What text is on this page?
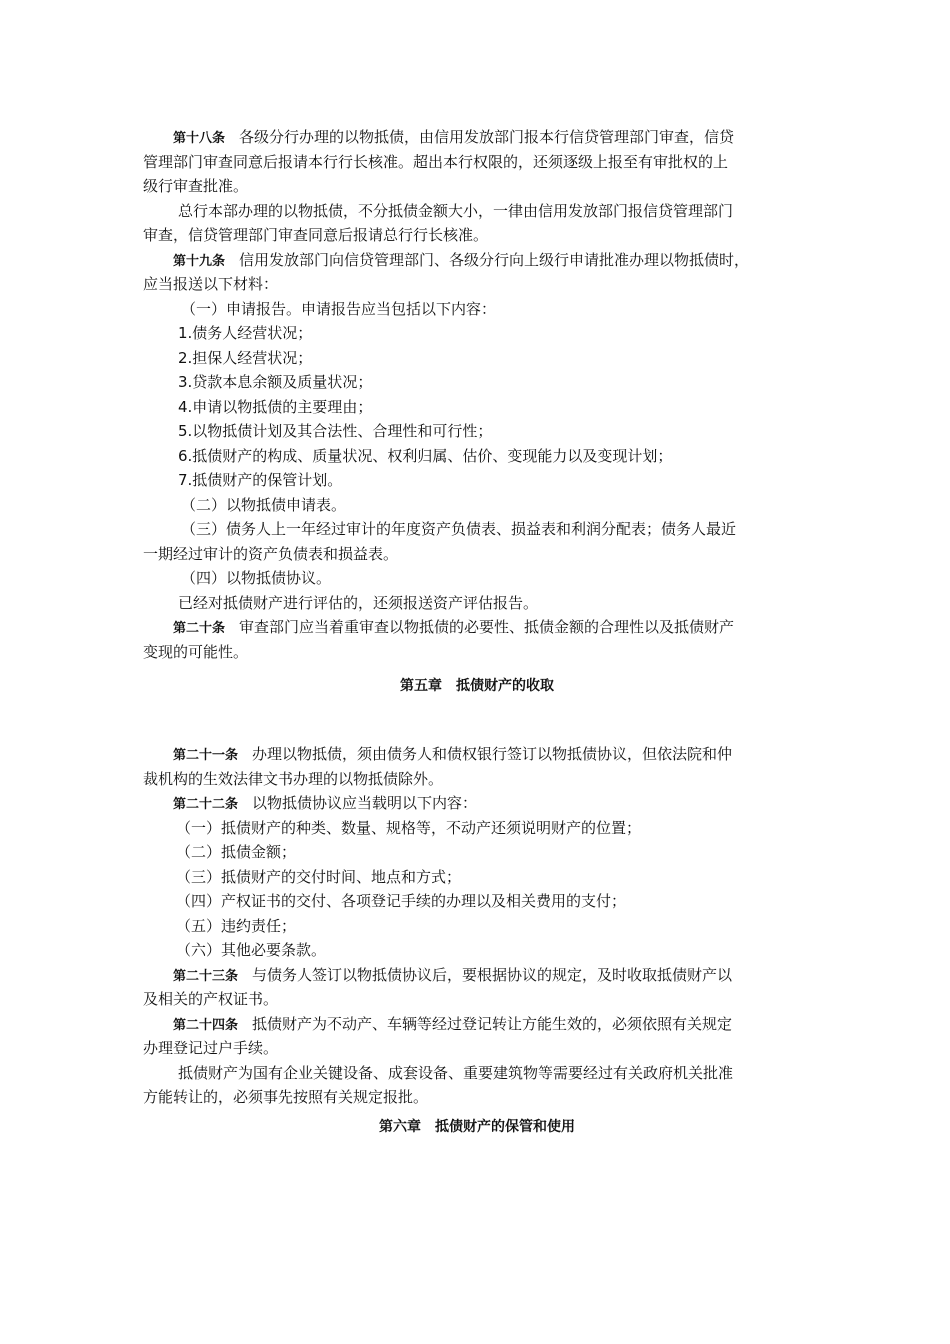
第十八条 各级分行办理的以物抵债，由信用发放部门报本行信贷管理部门审查，信贷
管理部门审查同意后报请本行行长核准。超出本行权限的，还须逐级上报至有审批权的上
级行审查批准。
总行本部办理的以物抵债，不分抵债金额大小，一律由信用发放部门报信贷管理部门
审查，信贷管理部门审查同意后报请总行行长核准。
第十九条 信用发放部门向信贷管理部门、各级分行向上级行申请批准办理以物抵债时，
应当报送以下材料：
（一）申请报告。申请报告应当包括以下内容：
1.债务人经营状况；
2.担保人经营状况；
3.贷款本息余额及质量状况；
4.申请以物抵债的主要理由；
5.以物抵债计划及其合法性、合理性和可行性；
6.抵债财产的构成、质量状况、权利归属、估价、变现能力以及变现计划；
7.抵债财产的保管计划。
（二）以物抵债申请表。
（三）债务人上一年经过审计的年度资产负债表、损益表和利润分配表；债务人最近
一期经过审计的资产负债表和损益表。
（四）以物抵债协议。
已经对抵债财产进行评估的，还须报送资产评估报告。
第二十条 审查部门应当着重审查以物抵债的必要性、抵债金额的合理性以及抵债财产
变现的可能性。
第五章　抵债财产的收取
第二十一条 办理以物抵债，须由债务人和债权银行签订以物抵债协议，但依法院和仲
裁机构的生效法律文书办理的以物抵债除外。
第二十二条 以物抵债协议应当载明以下内容：
（一）抵债财产的种类、数量、规格等，不动产还须说明财产的位置；
（二）抵债金额；
（三）抵债财产的交付时间、地点和方式；
（四）产权证书的交付、各项登记手续的办理以及相关费用的支付；
（五）违约责任；
（六）其他必要条款。
第二十三条 与债务人签订以物抵债协议后，要根据协议的规定，及时收取抵债财产以
及相关的产权证书。
第二十四条 抵债财产为不动产、车辆等经过登记转让方能生效的，必须依照有关规定
办理登记过户手续。
抵债财产为国有企业关键设备、成套设备、重要建筑物等需要经过有关政府机关批准
方能转让的，必须事先按照有关规定报批。
第六章　抵债财产的保管和使用
